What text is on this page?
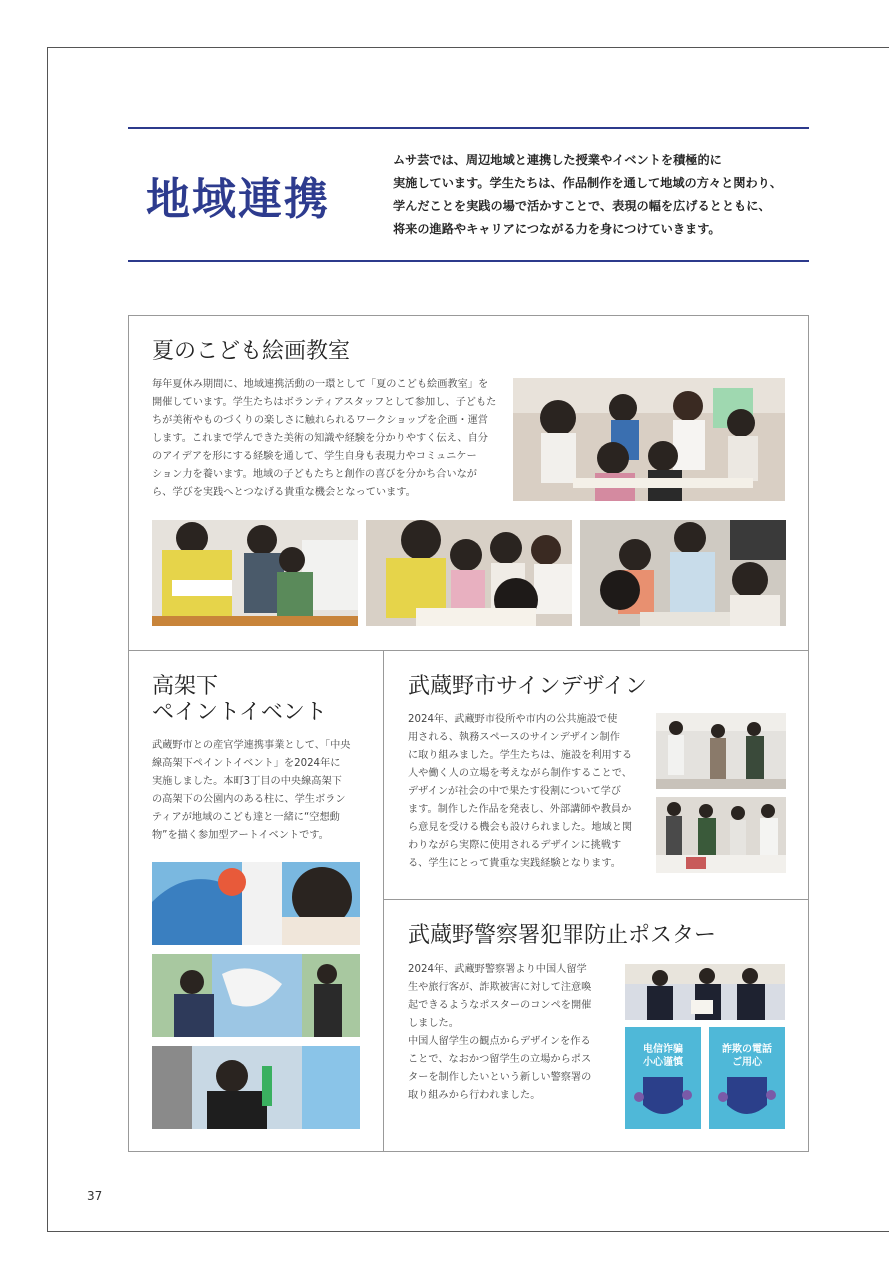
地域連携

ムサ芸では、周辺地域と連携した授業やイベントを積極的に

実施しています。学生たちは、作品制作を通して地域の方々と関わり、

学んだことを実践の場で活かすことで、表現の幅を広げるとともに、

将来の進路やキャリアにつながる力を身につけていきます。

夏のこども絵画教室

毎年夏休み期間に、地域連携活動の一環として「夏のこども絵画教室」を

開催しています。学生たちはボランティアスタッフとして参加し、子どもた

ちが美術やものづくりの楽しさに触れられるワークショップを企画・運営

します。これまで学んできた美術の知識や経験を分かりやすく伝え、自分

のアイデアを形にする経験を通して、学生自身も表現力やコミュニケー

ション力を養います。地域の子どもたちと創作の喜びを分かち合いなが

ら、学びを実践へとつなげる貴重な機会となっています。

高架下
ペイントイベント

武蔵野市との産官学連携事業として、「中央

線高架下ペイントイベント」を2024年に

実施しました。本町3丁目の中央線高架下

の高架下の公園内のある柱に、学生ボラン

ティアが地域のこども達と一緒に“空想動

物”を描く参加型アートイベントです。

武蔵野市サインデザイン

2024年、武蔵野市役所や市内の公共施設で使

用される、執務スペースのサインデザイン制作

に取り組みました。学生たちは、施設を利用する

人や働く人の立場を考えながら制作することで、

デザインが社会の中で果たす役割について学び

ます。制作した作品を発表し、外部講師や教員か

ら意見を受ける機会も設けられました。地域と関

わりながら実際に使用されるデザインに挑戦す

る、学生にとって貴重な実践経験となります。

武蔵野警察署犯罪防止ポスター

2024年、武蔵野警察署より中国人留学

生や旅行客が、詐欺被害に対して注意喚

起できるようなポスターのコンペを開催

しました。

中国人留学生の観点からデザインを作る

ことで、なおかつ留学生の立場からポス

ターを制作したいという新しい警察署の

取り組みから行われました。

电信诈骗
小心谨慎
詐欺の電話
ご用心
37
